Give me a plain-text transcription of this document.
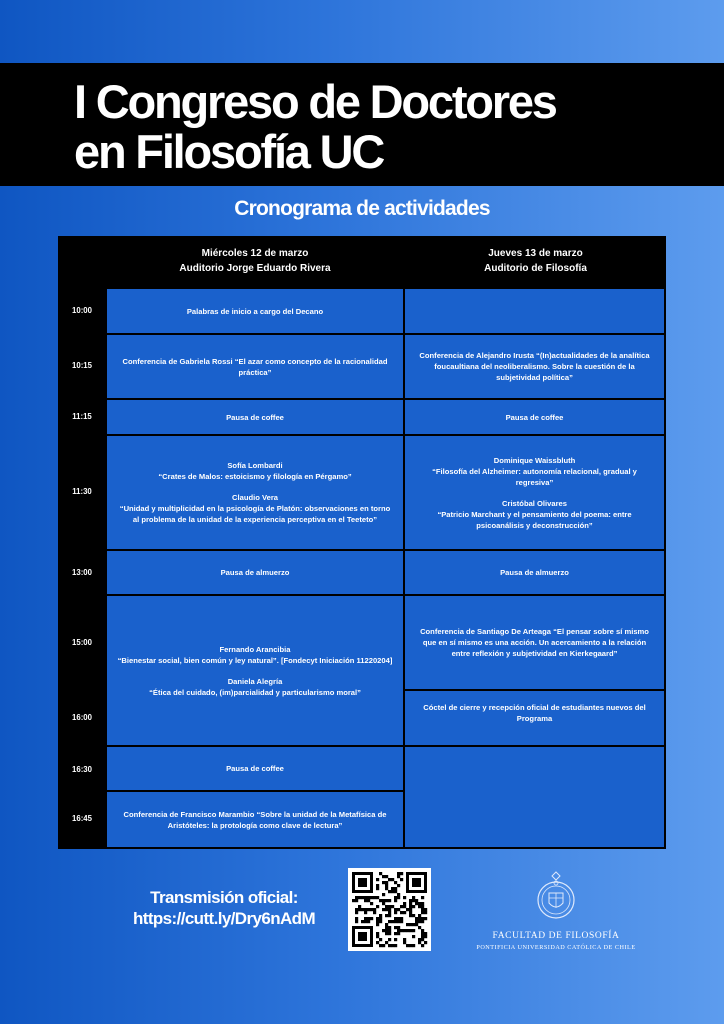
I Congreso de Doctores
en Filosofía UC
Cronograma de actividades
Miércoles 12 de marzo
Auditorio Jorge Eduardo Rivera
Jueves 13 de marzo
Auditorio de Filosofía
10:00
10:15
11:15
11:30
13:00
15:00
16:00
16:30
16:45

Palabras de inicio a cargo del Decano

Conferencia de Gabriela Rossi “El azar como concepto de la racionalidad práctica”

Pausa de coffee

Sofía Lombardi
“Crates de Malos: estoicismo y filología en Pérgamo”

Claudio Vera
“Unidad y multiplicidad en la psicología de Platón: observaciones en torno al problema de la unidad de la experiencia perceptiva en el Teeteto”

Pausa de almuerzo

Fernando Arancibia
“Bienestar social, bien común y ley natural”. [Fondecyt Iniciación 11220204]

Daniela Alegría
“Ética del cuidado, (im)parcialidad y particularismo moral”

Pausa de coffee

Conferencia de Francisco Marambio “Sobre la unidad de la Metafísica de Aristóteles: la protología como clave de lectura”

Conferencia de Alejandro Irusta “(In)actualidades de la analítica foucaultiana del neoliberalismo. Sobre la cuestión de la subjetividad política”

Pausa de coffee

Dominique Waissbluth
“Filosofía del Alzheimer: autonomía relacional, gradual y regresiva”

Cristóbal Olivares
“Patricio Marchant y el pensamiento del poema: entre psicoanálisis y deconstrucción”

Pausa de almuerzo

Conferencia de Santiago De Arteaga “El pensar sobre sí mismo que en sí mismo es una acción. Un acercamiento a la relación entre reflexión y subjetividad en Kierkegaard”

Cóctel de cierre y recepción oficial de estudiantes nuevos del Programa

Transmisión oficial:
https://cutt.ly/Dry6nAdM
FACULTAD DE FILOSOFÍA
PONTIFICIA UNIVERSIDAD CATÓLICA DE CHILE
